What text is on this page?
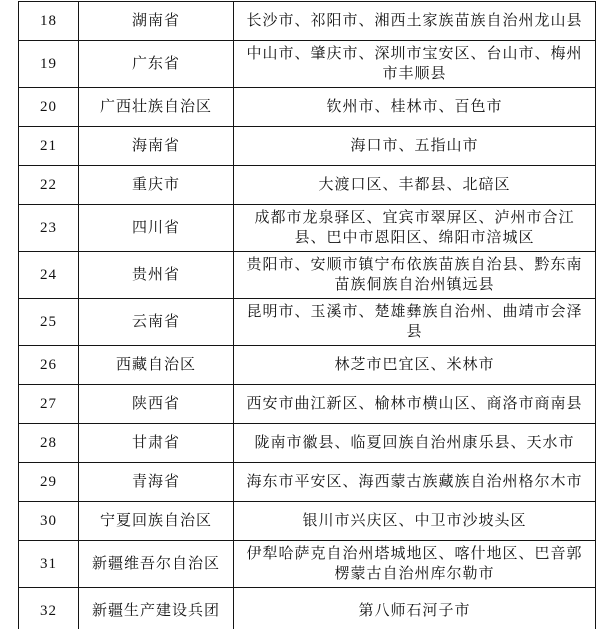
18	湖南省	长沙市、祁阳市、湘西土家族苗族自治州龙山县
19	广东省	中山市、肇庆市、深圳市宝安区、台山市、梅州市丰顺县
20	广西壮族自治区	钦州市、桂林市、百色市
21	海南省	海口市、五指山市
22	重庆市	大渡口区、丰都县、北碚区
23	四川省	成都市龙泉驿区、宜宾市翠屏区、泸州市合江县、巴中市恩阳区、绵阳市涪城区
24	贵州省	贵阳市、安顺市镇宁布依族苗族自治县、黔东南苗族侗族自治州镇远县
25	云南省	昆明市、玉溪市、楚雄彝族自治州、曲靖市会泽县
26	西藏自治区	林芝市巴宜区、米林市
27	陕西省	西安市曲江新区、榆林市横山区、商洛市商南县
28	甘肃省	陇南市徽县、临夏回族自治州康乐县、天水市
29	青海省	海东市平安区、海西蒙古族藏族自治州格尔木市
30	宁夏回族自治区	银川市兴庆区、中卫市沙坡头区
31	新疆维吾尔自治区	伊犁哈萨克自治州塔城地区、喀什地区、巴音郭楞蒙古自治州库尔勒市
32	新疆生产建设兵团	第八师石河子市
